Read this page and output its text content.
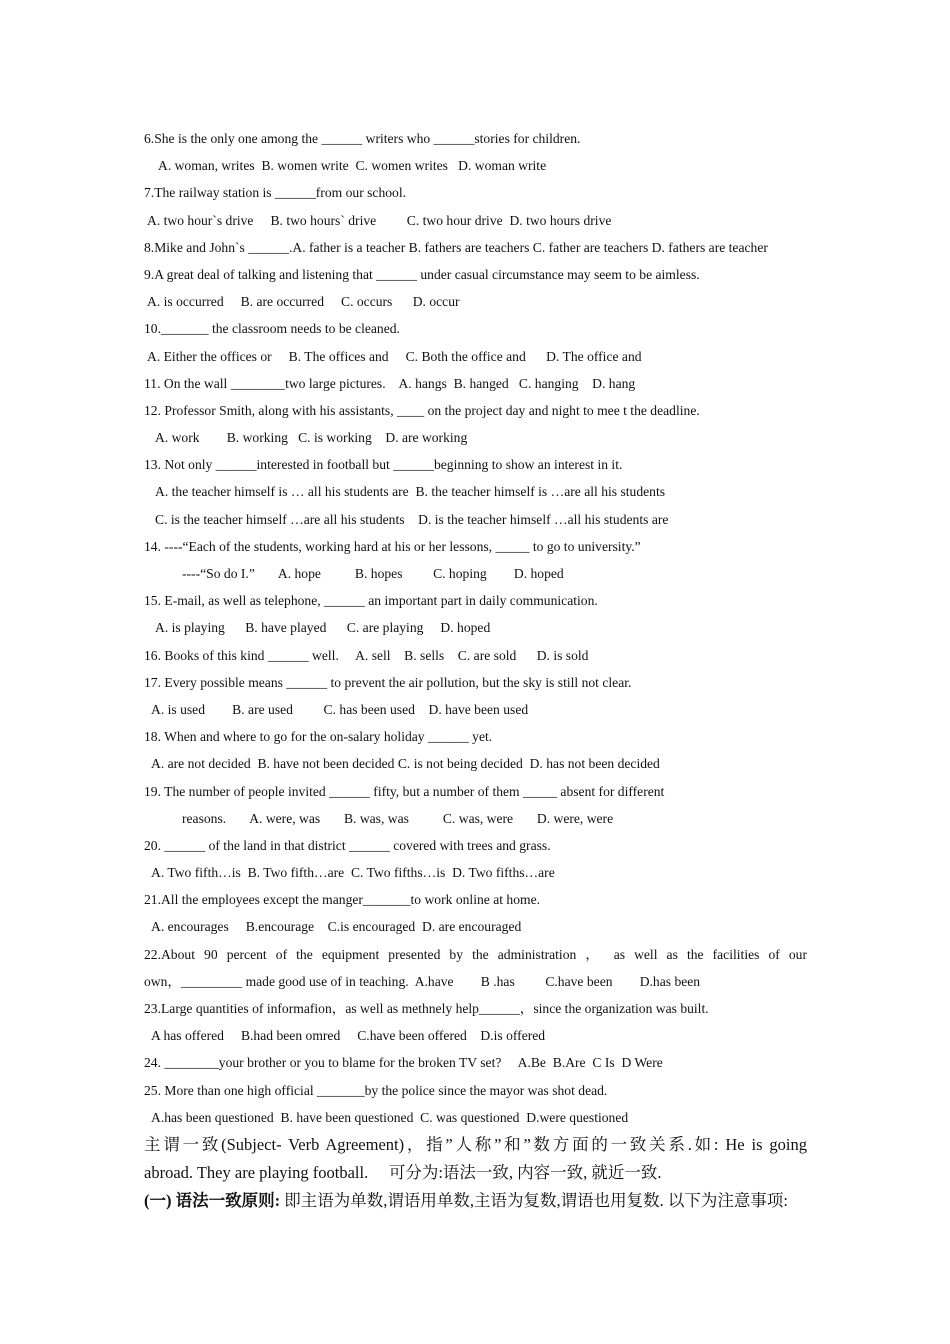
6.She is the only one among the ______ writers who ______stories for children.
A. woman, writes  B. women write  C. women writes   D. woman write
7.The railway station is ______from our school.
A. two hour`s drive     B. two hours` drive         C. two hour drive  D. two hours drive
8.Mike and John`s ______.A. father is a teacher B. fathers are teachers C. father are teachers D. fathers are teacher
9.A great deal of talking and listening that ______ under casual circumstance may seem to be aimless.
A. is occurred     B. are occurred     C. occurs      D. occur
10._______ the classroom needs to be cleaned.
A. Either the offices or     B. The offices and     C. Both the office and      D. The office and
11. On the wall ________two large pictures.    A. hangs  B. hanged   C. hanging    D. hang
12. Professor Smith, along with his assistants, ____ on the project day and night to mee t the deadline.
A. work        B. working   C. is working    D. are working
13. Not only ______interested in football but ______beginning to show an interest in it.
A. the teacher himself is … all his students are  B. the teacher himself is …are all his students
C. is the teacher himself …are all his students    D. is the teacher himself …all his students are
14. ----“Each of the students, working hard at his or her lessons, _____ to go to university.”
----“So do I.”       A. hope          B. hopes         C. hoping        D. hoped
15. E-mail, as well as telephone, ______ an important part in daily communication.
A. is playing      B. have played      C. are playing     D. hoped
16. Books of this kind ______ well.     A. sell    B. sells    C. are sold      D. is sold
17. Every possible means ______ to prevent the air pollution, but the sky is still not clear.
A. is used        B. are used         C. has been used    D. have been used
18. When and where to go for the on-salary holiday ______ yet.
A. are not decided  B. have not been decided C. is not being decided  D. has not been decided
19. The number of people invited ______ fifty, but a number of them _____ absent for different
reasons.       A. were, was       B. was, was          C. was, were       D. were, were
20. ______ of the land in that district ______ covered with trees and grass.
A. Two fifth…is  B. Two fifth…are  C. Two fifths…is  D. Two fifths…are
21.All the employees except the manger_______to work online at home.
A. encourages     B.encourage    C.is encouraged  D. are encouraged
22.About 90 percent of the equipment presented by the administration ， as well as the facilities of our
own，_________ made good use of in teaching.  A.have        B .has         C.have been        D.has been
23.Large quantities of informafion，as well as methnely help______，since the organization was built.
A has offered     B.had been omred     C.have been offered    D.is offered
24. ________your brother or you to blame for the broken TV set?     A.Be  B.Are  C Is  D Were
25. More than one high official _______by the police since the mayor was shot dead.
A.has been questioned  B. have been questioned  C. was questioned  D.were questioned
主谓一致(Subject- Verb Agreement)，指”人称”和”数方面的一致关系.如: He is going
abroad. They are playing football.     可分为:语法一致, 内容一致, 就近一致.
(一) 语法一致原则: 即主语为单数,谓语用单数,主语为复数,谓语也用复数. 以下为注意事项:
